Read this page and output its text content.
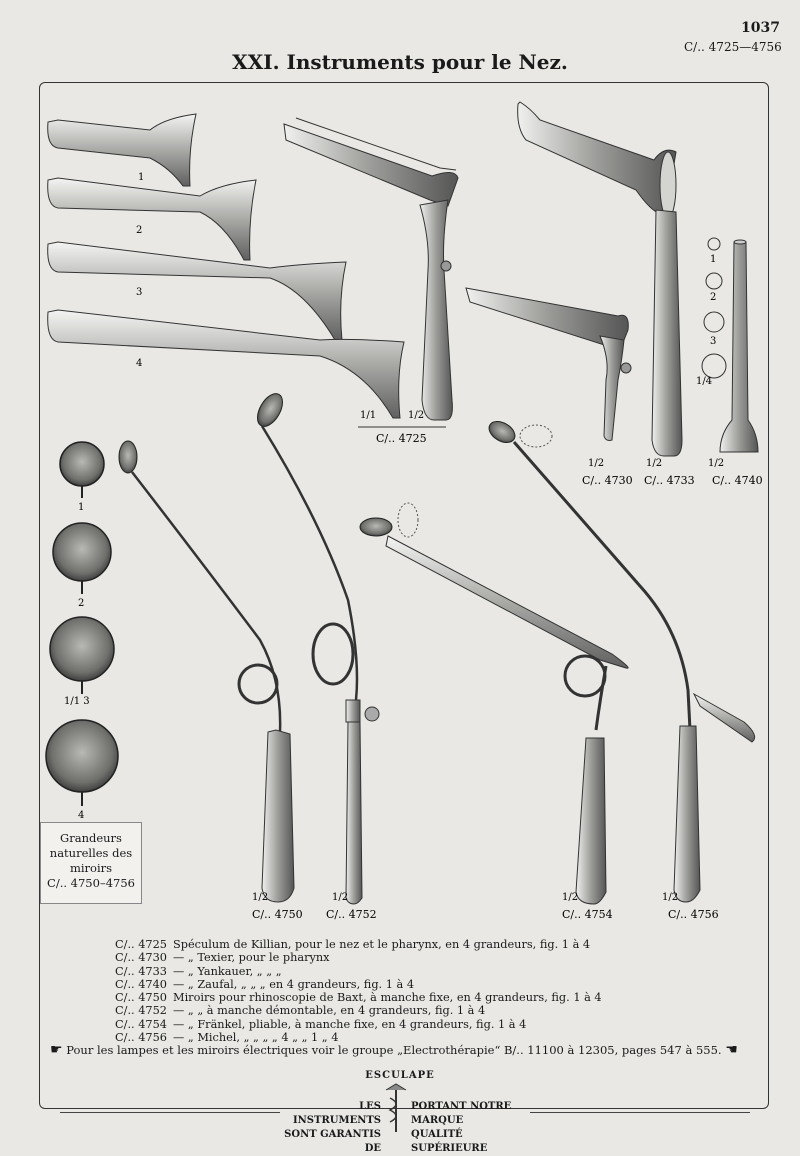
1037
C/.. 4725—4756
XXI. Instruments pour le Nez.
1
2
3
4
1/1	1/2
C/.. 4725
1/2
C/.. 4730
1/2
C/.. 4733
1
2
3
1/4
1/2
C/.. 4740
1
2
1/1 3
4
1/2
C/.. 4750
1/2
C/.. 4752
1/2
C/.. 4754
1/2
C/.. 4756
Grandeurs
naturelles des
miroirs
C/.. 4750–4756
C/.. 4725 Spéculum de Killian, pour le nez et le pharynx, en 4 grandeurs, fig. 1 à 4
C/.. 4730 — „ Texier, pour le pharynx
C/.. 4733 — „ Yankauer, „ „ „
C/.. 4740 — „ Zaufal, „ „ „ en 4 grandeurs, fig. 1 à 4
C/.. 4750 Miroirs pour rhinoscopie de Baxt, à manche fixe, en 4 grandeurs, fig. 1 à 4
C/.. 4752 — „ „ à manche démontable, en 4 grandeurs, fig. 1 à 4
C/.. 4754 — „ Fränkel, pliable, à manche fixe, en 4 grandeurs, fig. 1 à 4
C/.. 4756 — „ Michel, „ „ „ „ 4 „ „ 1 „ 4
☛ Pour les lampes et les miroirs électriques voir le groupe „Electrothérapie“ B/.. 11100 à 12305, pages 547 à 555. ☚
ESCULAPE
LES INSTRUMENTS
SONT GARANTIS DE
PORTANT NOTRE MARQUE
QUALITÉ SUPÉRIEURE
